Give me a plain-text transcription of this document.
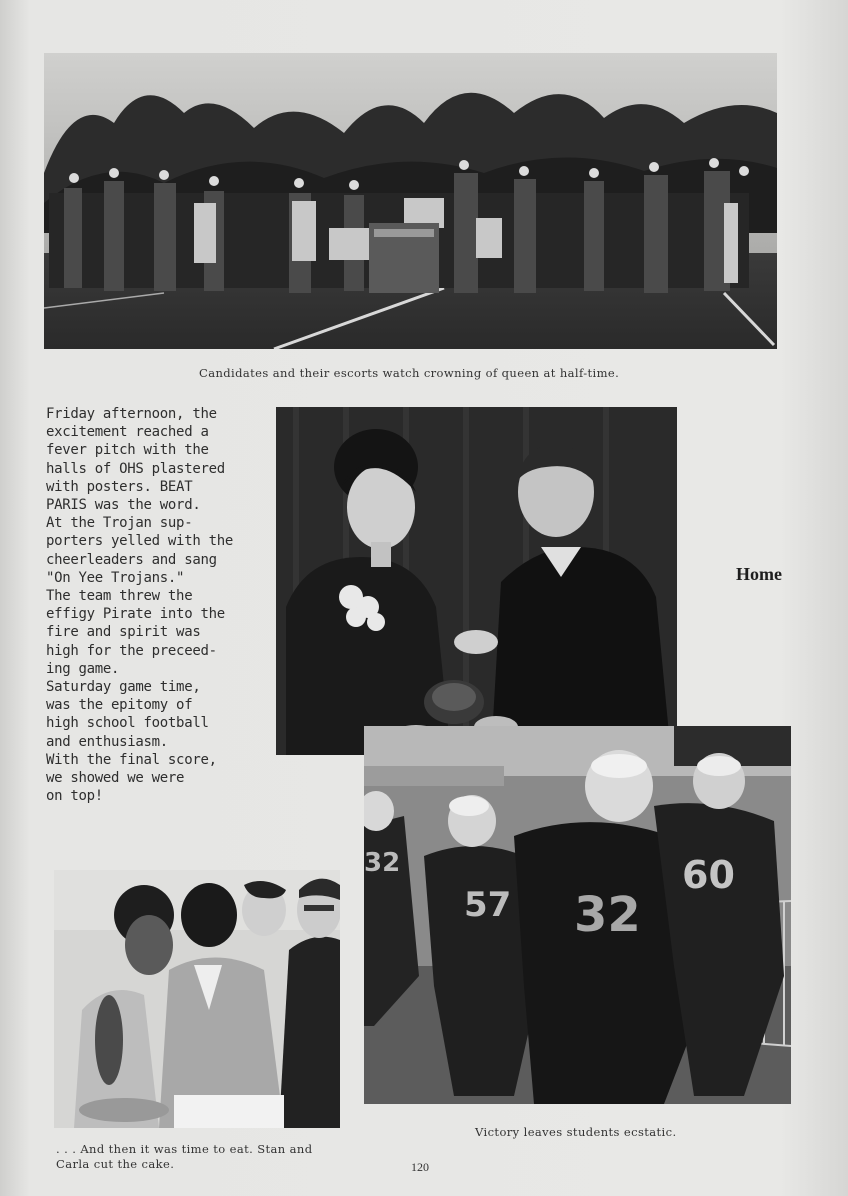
Candidates and their escorts watch crowning of queen at half-time.
Friday afternoon, the
excitement reached a
fever pitch with the
halls of OHS plastered
with posters. BEAT
PARIS was the word.
At the Trojan sup-
porters yelled with the
cheerleaders and sang
"On Yee Trojans."
The team threw the
effigy Pirate into the
fire and spirit was
high for the preceed-
ing game.
Saturday game time,
was the epitomy of
high school football
and enthusiasm.
With the final score,
we showed we were
on top!
Home
57 32
60
32
Victory leaves students ecstatic.
. . . And then it was time to eat. Stan and
Carla cut the cake.	120
